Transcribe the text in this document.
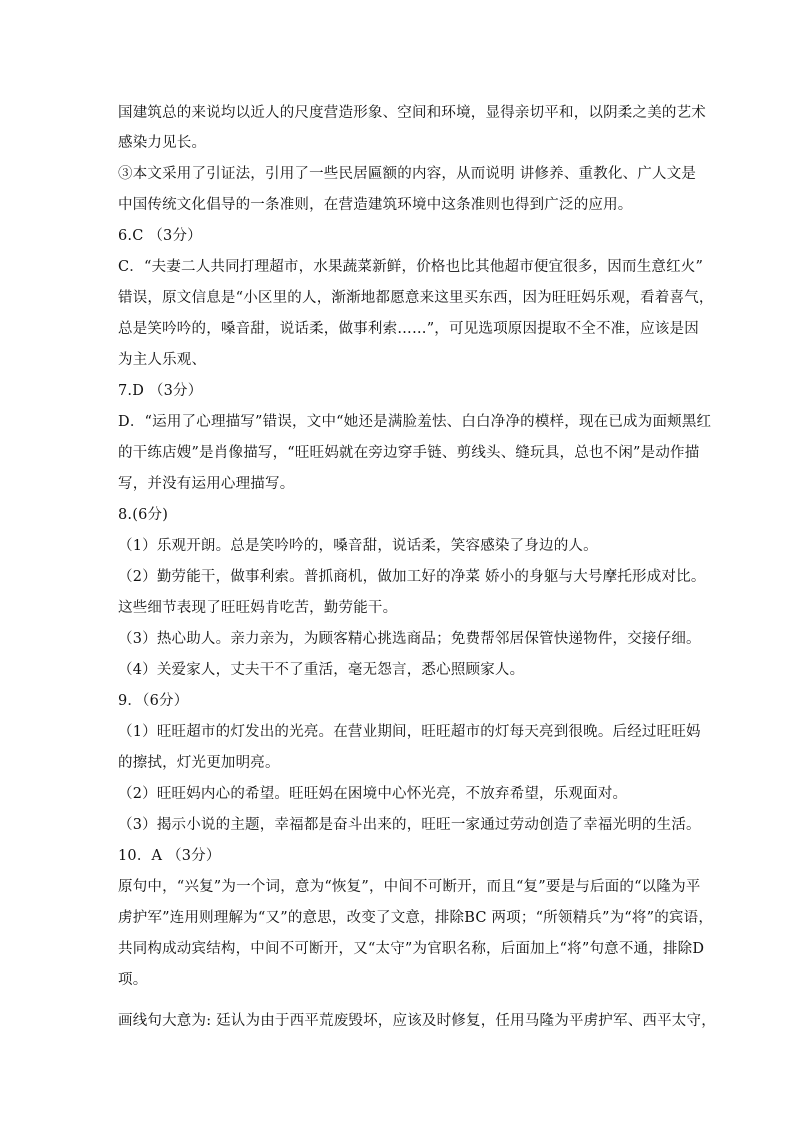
国建筑总的来说均以近人的尺度营造形象、空间和环境，显得亲切平和，以阴柔之美的艺术
感染力见长。
③本文采用了引证法，引用了一些民居匾额的内容，从而说明 讲修养、重教化、广人文是
中国传统文化倡导的一条准则，在营造建筑环境中这条准则也得到广泛的应用。
6.C （3分）
C．“夫妻二人共同打理超市，水果蔬菜新鲜，价格也比其他超市便宜很多，因而生意红火”
错误，原文信息是“小区里的人，渐渐地都愿意来这里买东西，因为旺旺妈乐观，看着喜气，
总是笑吟吟的，嗓音甜，说话柔，做事利索……”，可见选项原因提取不全不准，应该是因
为主人乐观、
7.D （3分）
D．“运用了心理描写”错误，文中“她还是满脸羞怯、白白净净的模样，现在已成为面颊黑红
的干练店嫂”是肖像描写，“旺旺妈就在旁边穿手链、剪线头、缝玩具，总也不闲”是动作描
写，并没有运用心理描写。
8.(6分)
（1）乐观开朗。总是笑吟吟的，嗓音甜，说话柔，笑容感染了身边的人。
（2）勤劳能干，做事利索。普抓商机，做加工好的净菜 娇小的身躯与大号摩托形成对比。
这些细节表现了旺旺妈肯吃苦，勤劳能干。
（3）热心助人。亲力亲为，为顾客精心挑选商品；免费帮邻居保管快递物件，交接仔细。
（4）关爱家人，丈夫干不了重活，毫无怨言，悉心照顾家人。
9．（6分）
（1）旺旺超市的灯发出的光亮。在营业期间，旺旺超市的灯每天亮到很晚。后经过旺旺妈
的擦拭，灯光更加明亮。
（2）旺旺妈内心的希望。旺旺妈在困境中心怀光亮，不放弃希望，乐观面对。
（3）揭示小说的主题，幸福都是奋斗出来的，旺旺一家通过劳动创造了幸福光明的生活。
10．A （3分）
原句中，“兴复”为一个词，意为“恢复”，中间不可断开，而且“复”要是与后面的“以隆为平
虏护军”连用则理解为“又”的意思，改变了文意，排除BC 两项；“所领精兵”为“将”的宾语，
共同构成动宾结构，中间不可断开，又“太守”为官职名称，后面加上“将”句意不通，排除D
项。
画线句大意为: 廷认为由于西平荒废毁坏，应该及时修复，任用马隆为平虏护军、西平太守，
